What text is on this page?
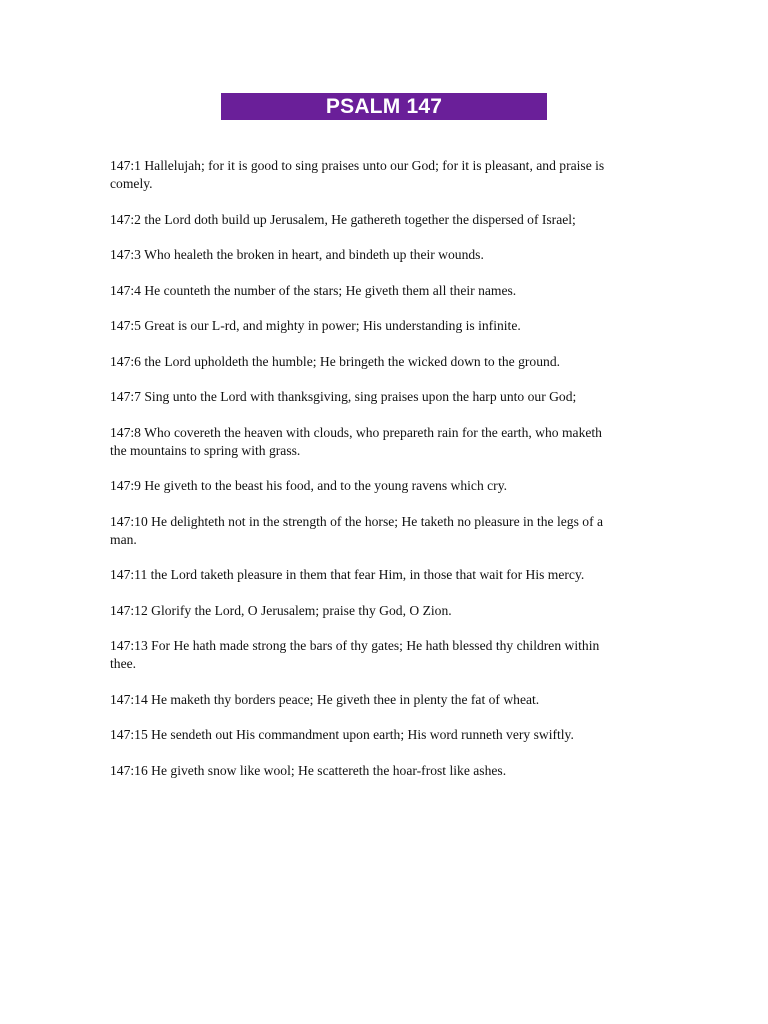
PSALM 147

147:1 Hallelujah; for it is good to sing praises unto our God; for it is pleasant, and praise is comely.

147:2 the Lord doth build up Jerusalem, He gathereth together the dispersed of Israel;

147:3 Who healeth the broken in heart, and bindeth up their wounds.

147:4 He counteth the number of the stars; He giveth them all their names.

147:5 Great is our L-rd, and mighty in power; His understanding is infinite.

147:6 the Lord upholdeth the humble; He bringeth the wicked down to the ground.

147:7 Sing unto the Lord with thanksgiving, sing praises upon the harp unto our God;

147:8 Who covereth the heaven with clouds, who prepareth rain for the earth, who maketh the mountains to spring with grass.

147:9 He giveth to the beast his food, and to the young ravens which cry.

147:10 He delighteth not in the strength of the horse; He taketh no pleasure in the legs of a man.

147:11 the Lord taketh pleasure in them that fear Him, in those that wait for His mercy.

147:12 Glorify the Lord, O Jerusalem; praise thy God, O Zion.

147:13 For He hath made strong the bars of thy gates; He hath blessed thy children within thee.

147:14 He maketh thy borders peace; He giveth thee in plenty the fat of wheat.

147:15 He sendeth out His commandment upon earth; His word runneth very swiftly.

147:16 He giveth snow like wool; He scattereth the hoar-frost like ashes.
